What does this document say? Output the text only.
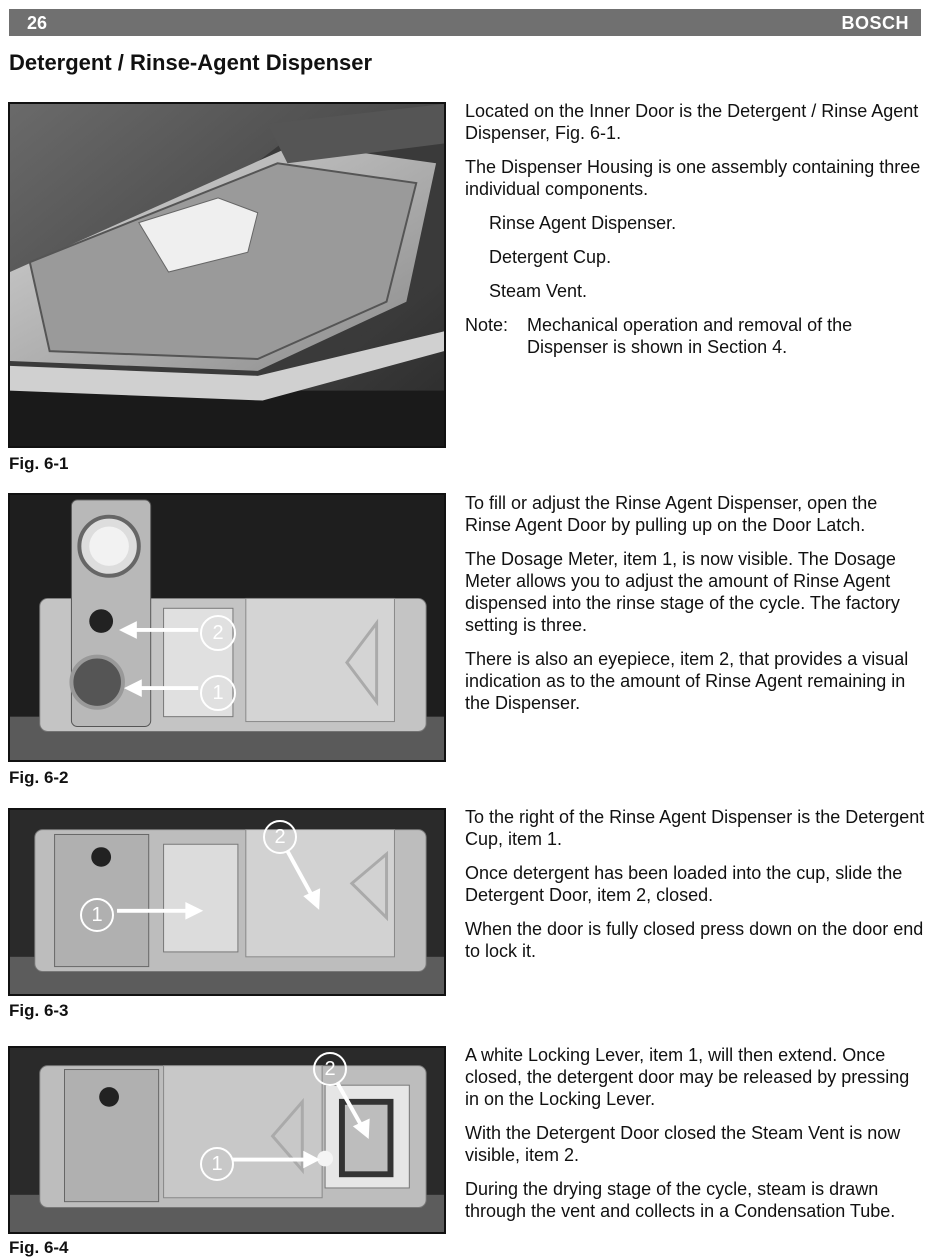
26	BOSCH
Detergent / Rinse-Agent Dispenser
Fig. 6-1

Located on the Inner Door is the Detergent / Rinse Agent Dispenser, Fig. 6-1.

The Dispenser Housing is one assembly containing three individual components.

Rinse Agent Dispenser.

Detergent Cup.

Steam Vent.

Note:	Mechanical operation and removal of the Dispenser is shown in Section 4.
2
1
Fig. 6-2

To fill or adjust the Rinse Agent Dispenser, open the Rinse Agent Door by pulling up on the Door Latch.

The Dosage Meter, item 1, is now visible. The Dosage Meter allows you to adjust the amount of Rinse Agent dispensed into the rinse stage of the cycle. The factory setting is three.

There is also an eyepiece, item 2, that provides a visual indication as to the amount of Rinse Agent remaining in the Dispenser.

2
1
Fig. 6-3

To the right of the Rinse Agent Dispenser is the Detergent Cup, item 1.

Once detergent has been loaded into the cup, slide the Detergent Door, item 2, closed.

When the door is fully closed press down on the door end to lock it.

2
1
Fig. 6-4

A white Locking Lever, item 1, will then extend. Once closed, the detergent door may be released by pressing in on the Locking Lever.

With the Detergent Door closed the Steam Vent is now visible, item 2.

During the drying stage of the cycle, steam is drawn through the vent and collects in a Condensation Tube.
